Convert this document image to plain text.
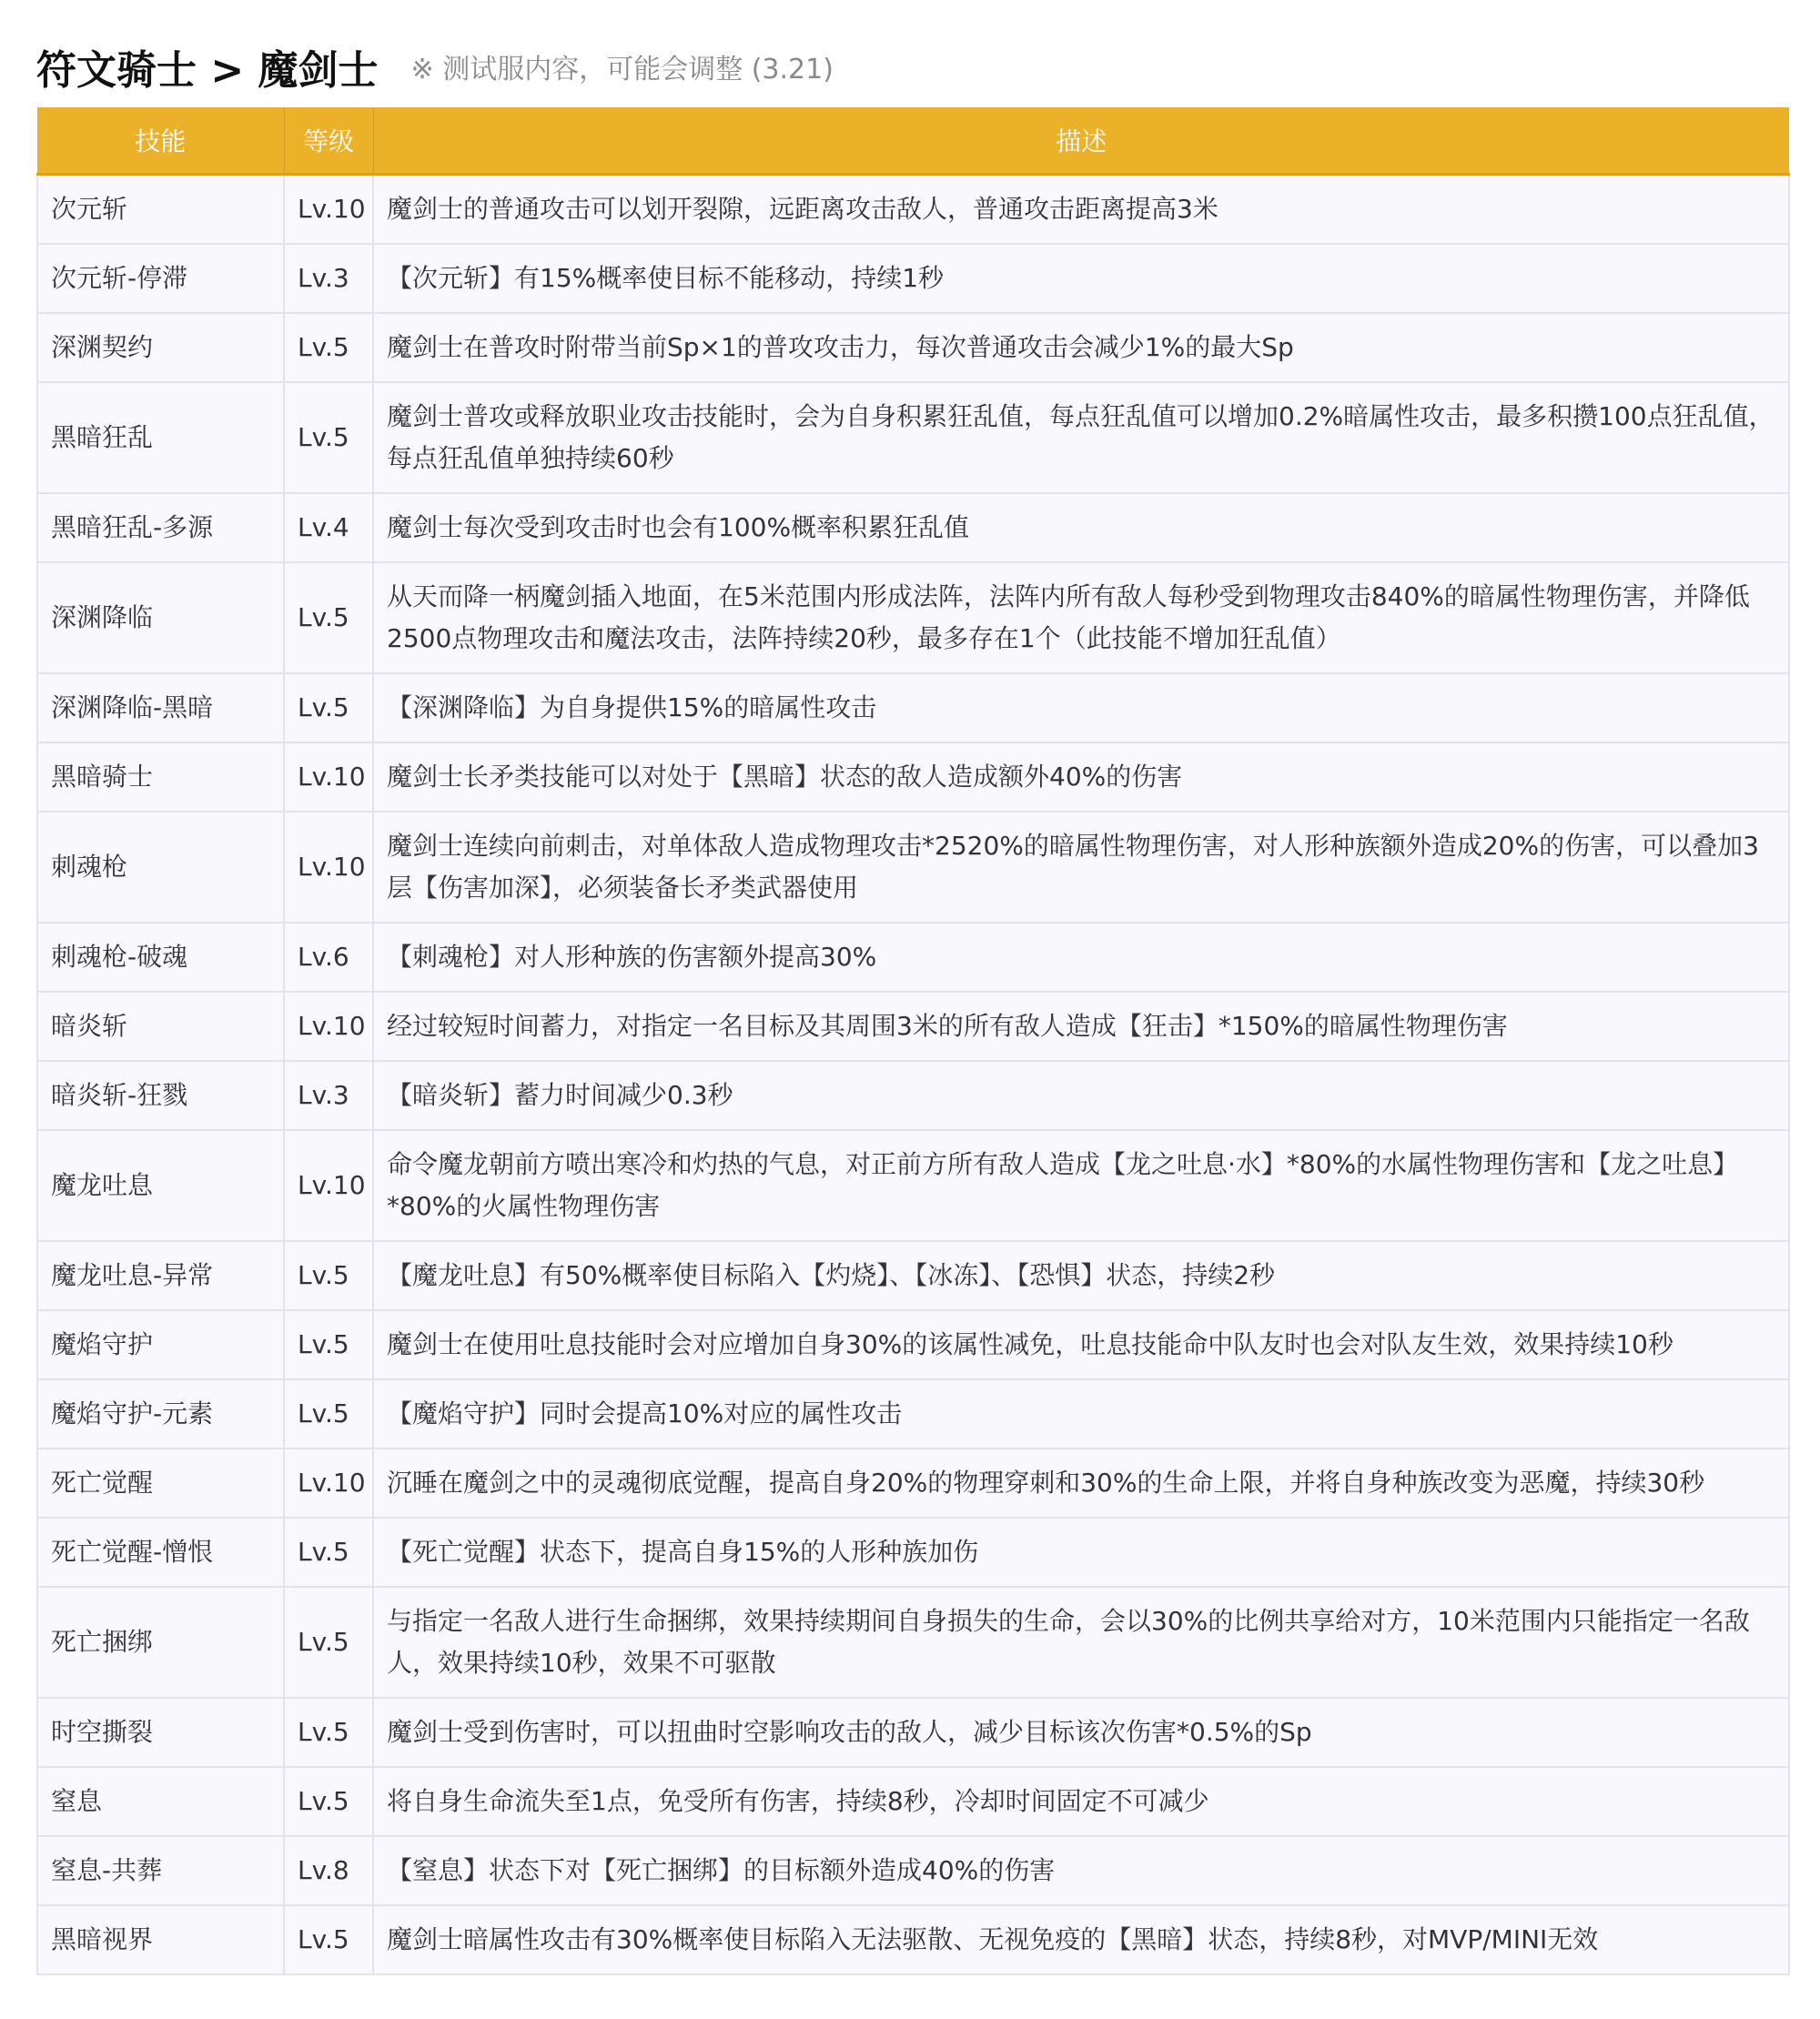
符文骑士 > 魔剑士 ※ 测试服内容，可能会调整 (3.21)
技能	等级	描述
次元斩	Lv.10	魔剑士的普通攻击可以划开裂隙，远距离攻击敌人，普通攻击距离提高3米
次元斩-停滞	Lv.3	【次元斩】有15%概率使目标不能移动，持续1秒
深渊契约	Lv.5	魔剑士在普攻时附带当前Sp×1的普攻攻击力，每次普通攻击会减少1%的最大Sp
黑暗狂乱	Lv.5	魔剑士普攻或释放职业攻击技能时，会为自身积累狂乱值，每点狂乱值可以增加0.2%暗属性攻击，最多积攒100点狂乱值，每点狂乱值单独持续60秒
黑暗狂乱-多源	Lv.4	魔剑士每次受到攻击时也会有100%概率积累狂乱值
深渊降临	Lv.5	从天而降一柄魔剑插入地面，在5米范围内形成法阵，法阵内所有敌人每秒受到物理攻击840%的暗属性物理伤害，并降低2500点物理攻击和魔法攻击，法阵持续20秒，最多存在1个（此技能不增加狂乱值）
深渊降临-黑暗	Lv.5	【深渊降临】为自身提供15%的暗属性攻击
黑暗骑士	Lv.10	魔剑士长矛类技能可以对处于【黑暗】状态的敌人造成额外40%的伤害
刺魂枪	Lv.10	魔剑士连续向前刺击，对单体敌人造成物理攻击*2520%的暗属性物理伤害，对人形种族额外造成20%的伤害，可以叠加3层【伤害加深】，必须装备长矛类武器使用
刺魂枪-破魂	Lv.6	【刺魂枪】对人形种族的伤害额外提高30%
暗炎斩	Lv.10	经过较短时间蓄力，对指定一名目标及其周围3米的所有敌人造成【狂击】*150%的暗属性物理伤害
暗炎斩-狂戮	Lv.3	【暗炎斩】蓄力时间减少0.3秒
魔龙吐息	Lv.10	命令魔龙朝前方喷出寒冷和灼热的气息，对正前方所有敌人造成【龙之吐息·水】*80%的水属性物理伤害和【龙之吐息】*80%的火属性物理伤害
魔龙吐息-异常	Lv.5	【魔龙吐息】有50%概率使目标陷入【灼烧】、【冰冻】、【恐惧】状态，持续2秒
魔焰守护	Lv.5	魔剑士在使用吐息技能时会对应增加自身30%的该属性减免，吐息技能命中队友时也会对队友生效，效果持续10秒
魔焰守护-元素	Lv.5	【魔焰守护】同时会提高10%对应的属性攻击
死亡觉醒	Lv.10	沉睡在魔剑之中的灵魂彻底觉醒，提高自身20%的物理穿刺和30%的生命上限，并将自身种族改变为恶魔，持续30秒
死亡觉醒-憎恨	Lv.5	【死亡觉醒】状态下，提高自身15%的人形种族加伤
死亡捆绑	Lv.5	与指定一名敌人进行生命捆绑，效果持续期间自身损失的生命，会以30%的比例共享给对方，10米范围内只能指定一名敌人，效果持续10秒，效果不可驱散
时空撕裂	Lv.5	魔剑士受到伤害时，可以扭曲时空影响攻击的敌人，减少目标该次伤害*0.5%的Sp
窒息	Lv.5	将自身生命流失至1点，免受所有伤害，持续8秒，冷却时间固定不可减少
窒息-共葬	Lv.8	【窒息】状态下对【死亡捆绑】的目标额外造成40%的伤害
黑暗视界	Lv.5	魔剑士暗属性攻击有30%概率使目标陷入无法驱散、无视免疫的【黑暗】状态，持续8秒，对MVP/MINI无效
